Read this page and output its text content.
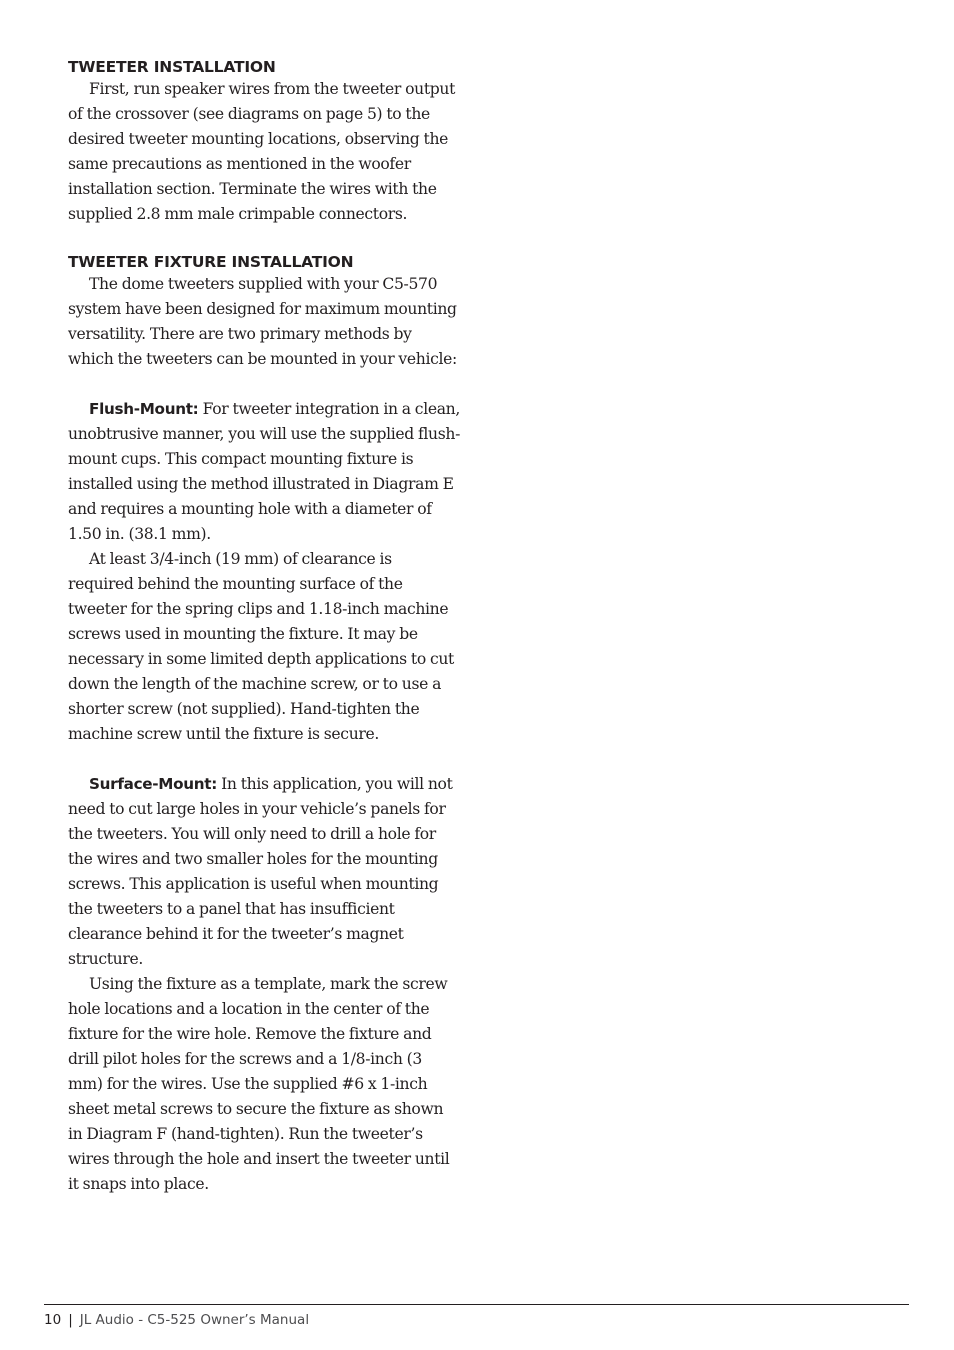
TWEETER INSTALLATION

First, run speaker wires from the tweeter output of the crossover (see diagrams on page 5) to the desired tweeter mounting locations, observing the same precautions as mentioned in the woofer installation section. Terminate the wires with the supplied 2.8 mm male crimpable connectors.

TWEETER FIXTURE INSTALLATION

The dome tweeters supplied with your C5-570 system have been designed for maximum mounting versatility. There are two primary methods by which the tweeters can be mounted in your vehicle:

Flush-Mount: For tweeter integration in a clean, unobtrusive manner, you will use the supplied flush-mount cups. This compact mounting fixture is installed using the method illustrated in Diagram E and requires a mounting hole with a diameter of 1.50 in. (38.1 mm).

At least 3/4-inch (19 mm) of clearance is required behind the mounting surface of the tweeter for the spring clips and 1.18-inch machine screws used in mounting the fixture. It may be necessary in some limited depth applications to cut down the length of the machine screw, or to use a shorter screw (not supplied). Hand-tighten the machine screw until the fixture is secure.

Surface-Mount: In this application, you will not need to cut large holes in your vehicle’s panels for the tweeters. You will only need to drill a hole for the wires and two smaller holes for the mounting screws. This application is useful when mounting the tweeters to a panel that has insufficient clearance behind it for the tweeter’s magnet structure.

Using the fixture as a template, mark the screw hole locations and a location in the center of the fixture for the wire hole. Remove the fixture and drill pilot holes for the screws and a 1/8-inch (3 mm) for the wires. Use the supplied #6 x 1-inch sheet metal screws to secure the fixture as shown in Diagram F (hand-tighten). Run the tweeter’s wires through the hole and insert the tweeter until it snaps into place.

10 | JL Audio - C5-525 Owner’s Manual
